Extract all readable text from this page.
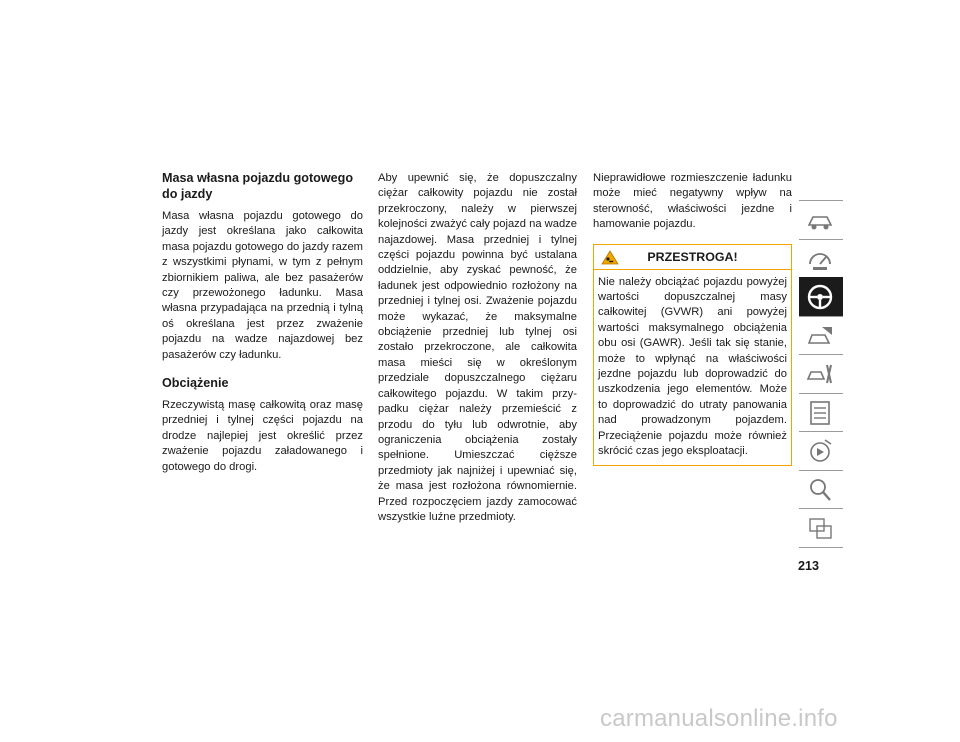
Masa własna pojazdu gotowego do jazdy

Masa własna pojazdu gotowego do jazdy jest określana jako całkowita masa pojazdu gotowego do jazdy razem z wszystkimi płynami, w tym z pełnym zbiornikiem paliwa, ale bez pasażerów czy przewożonego ładunku. Masa własna przypadająca na przednią i tylną oś określana jest przez zważenie pojazdu na wadze najazdowej bez pasażerów czy ładunku.

Obciążenie

Rzeczywistą masę całkowitą oraz masę przedniej i tylnej części pojazdu na drodze najlepiej jest określić przez zważenie pojazdu załadowanego i gotowego do drogi.

Aby upewnić się, że dopuszczalny ciężar całkowity pojazdu nie został przekroczony, należy w pierwszej kolejności zważyć cały pojazd na wadze najazdowej. Masa przedniej i tylnej części pojazdu powinna być ustalana oddzielnie, aby zyskać pewność, że ładunek jest odpowiednio rozłożony na przedniej i tylnej osi. Zważenie pojazdu może wykazać, że maksymalne obciążenie przedniej lub tylnej osi zostało przekroczone, ale całkowita masa mieści się w określonym przedziale dopuszczalnego ciężaru całkowitego pojazdu. W takim przypadku ciężar należy przemieścić z przodu do tyłu lub odwrotnie, aby ograniczenia obciążenia zostały spełnione. Umieszczać cięższe przedmioty jak najniżej i upewniać się, że masa jest rozłożona równomiernie. Przed rozpoczęciem jazdy zamocować wszystkie luźne przedmioty.

Nieprawidłowe rozmieszczenie ładunku może mieć negatywny wpływ na sterowność, właściwości jezdne i hamowanie pojazdu.

PRZESTROGA!
Nie należy obciążać pojazdu powyżej wartości dopuszczalnej masy całkowitej (GVWR) ani powyżej wartości maksymalnego obciążenia obu osi (GAWR). Jeśli tak się stanie, może to wpłynąć na właściwości jezdne pojazdu lub doprowadzić do uszkodzenia jego elementów. Może to doprowadzić do utraty panowania nad prowadzonym pojazdem. Przeciążenie pojazdu może również skrócić czas jego eksploatacji.
213
carmanualsonline.info
